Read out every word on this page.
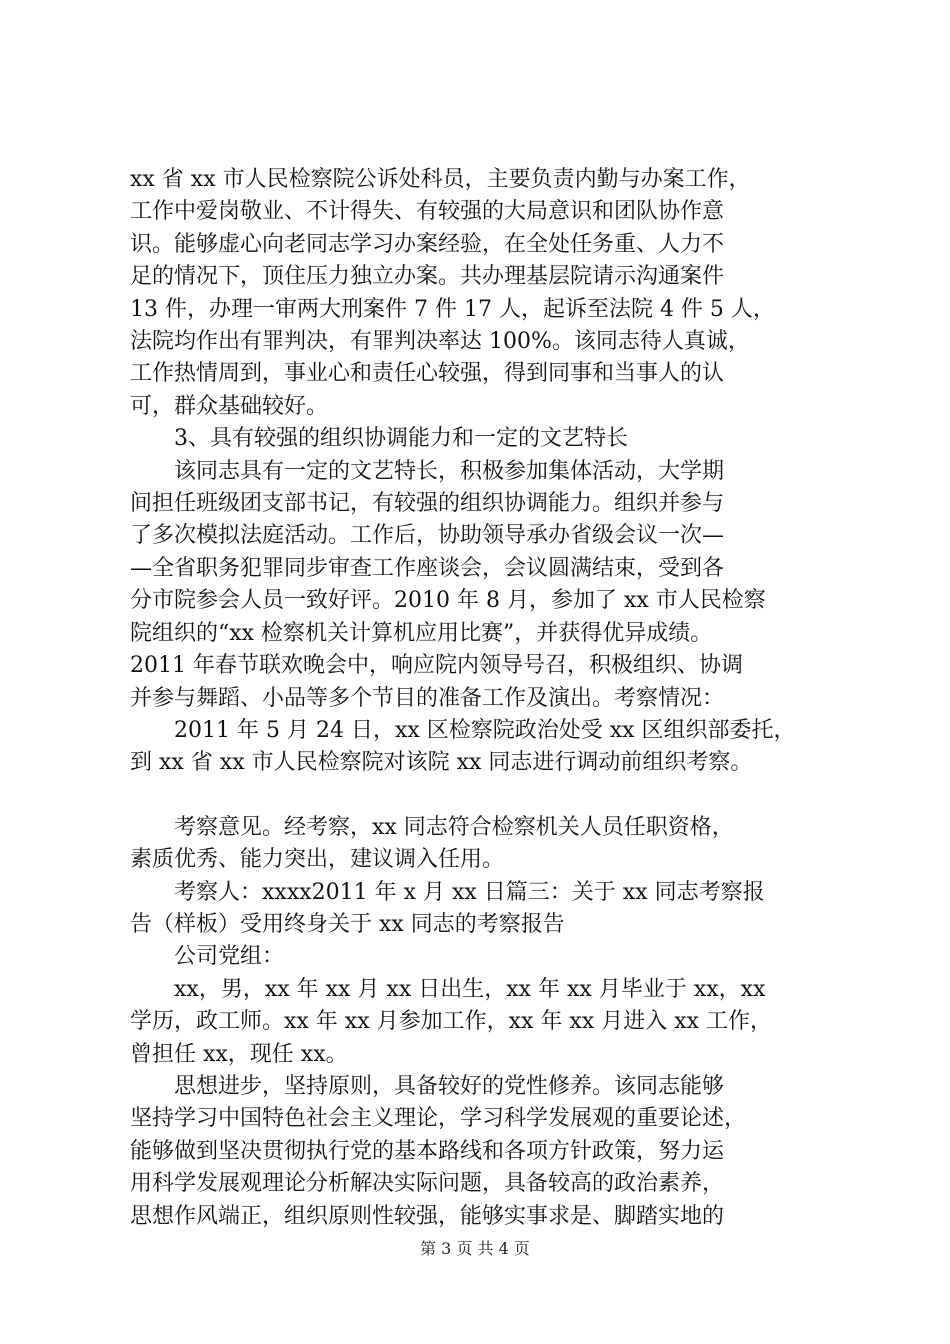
xx 省 xx 市人民检察院公诉处科员，主要负责内勤与办案工作，

工作中爱岗敬业、不计得失、有较强的大局意识和团队协作意

识。能够虚心向老同志学习办案经验，在全处任务重、人力不

足的情况下，顶住压力独立办案。共办理基层院请示沟通案件

13 件，办理一审两大刑案件 7 件 17 人，起诉至法院 4 件 5 人，

法院均作出有罪判决，有罪判决率达 100%。该同志待人真诚，

工作热情周到，事业心和责任心较强，得到同事和当事人的认

可，群众基础较好。

3、具有较强的组织协调能力和一定的文艺特长

该同志具有一定的文艺特长，积极参加集体活动，大学期

间担任班级团支部书记，有较强的组织协调能力。组织并参与

了多次模拟法庭活动。工作后，协助领导承办省级会议一次—

—全省职务犯罪同步审查工作座谈会，会议圆满结束，受到各

分市院参会人员一致好评。2010 年 8 月，参加了 xx 市人民检察

院组织的“xx 检察机关计算机应用比赛”，并获得优异成绩。

2011 年春节联欢晚会中，响应院内领导号召，积极组织、协调

并参与舞蹈、小品等多个节目的准备工作及演出。考察情况：

2011 年 5 月 24 日，xx 区检察院政治处受 xx 区组织部委托，

到 xx 省 xx 市人民检察院对该院 xx 同志进行调动前组织考察。

考察意见。经考察，xx 同志符合检察机关人员任职资格，

素质优秀、能力突出，建议调入任用。

考察人：xxxx2011 年 x 月 xx 日篇三：关于 xx 同志考察报

告（样板）受用终身关于 xx 同志的考察报告

公司党组：

xx，男，xx 年 xx 月 xx 日出生，xx 年 xx 月毕业于 xx，xx

学历，政工师。xx 年 xx 月参加工作，xx 年 xx 月进入 xx 工作，

曾担任 xx，现任 xx。

思想进步，坚持原则，具备较好的党性修养。该同志能够

坚持学习中国特色社会主义理论，学习科学发展观的重要论述，

能够做到坚决贯彻执行党的基本路线和各项方针政策，努力运

用科学发展观理论分析解决实际问题，具备较高的政治素养，

思想作风端正，组织原则性较强，能够实事求是、脚踏实地的

第 3 页 共 4 页
